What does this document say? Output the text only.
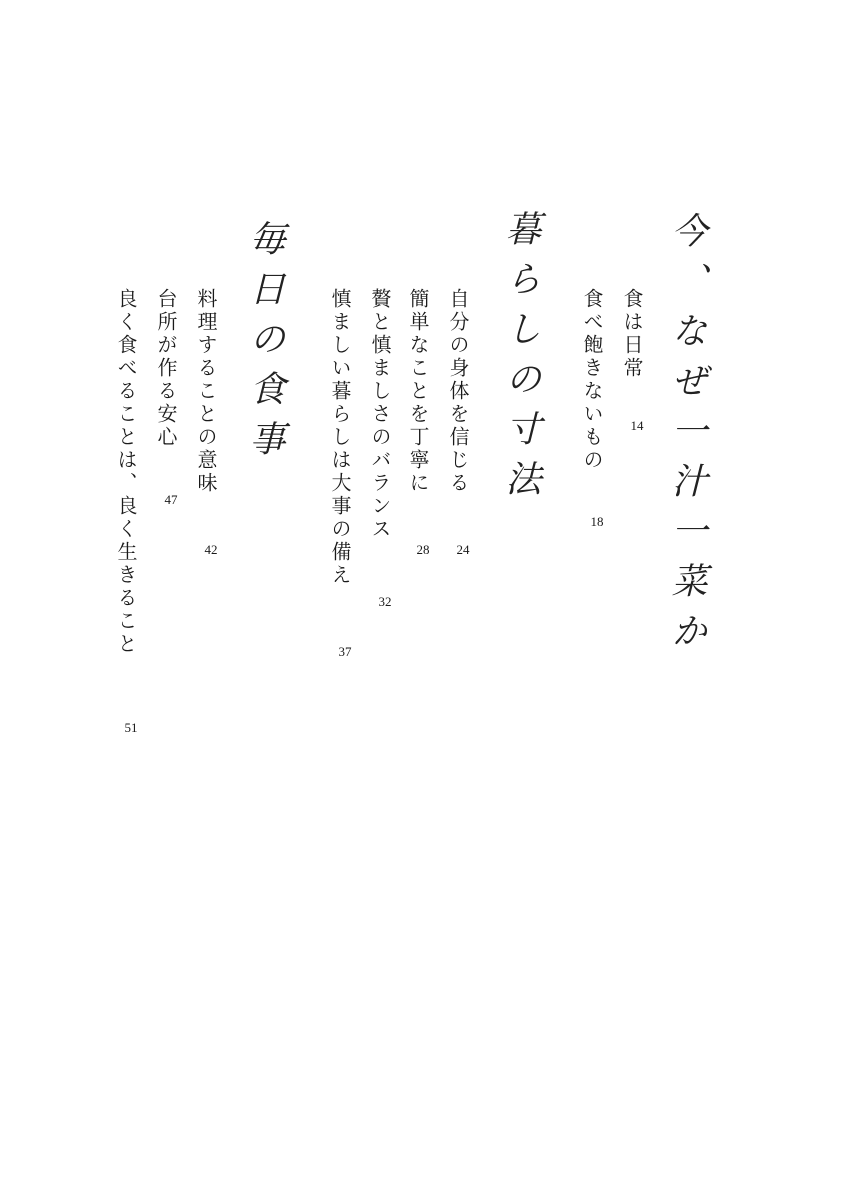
今、なぜ一汁一菜か
食は日常
14
食べ飽きないもの
18
暮らしの寸法
自分の身体を信じる
24
簡単なことを丁寧に
28
贅と慎ましさのバランス
32
慎ましい暮らしは大事の備え
37
毎日の食事
料理することの意味
42
台所が作る安心
47
良く食べることは、良く生きること
51
